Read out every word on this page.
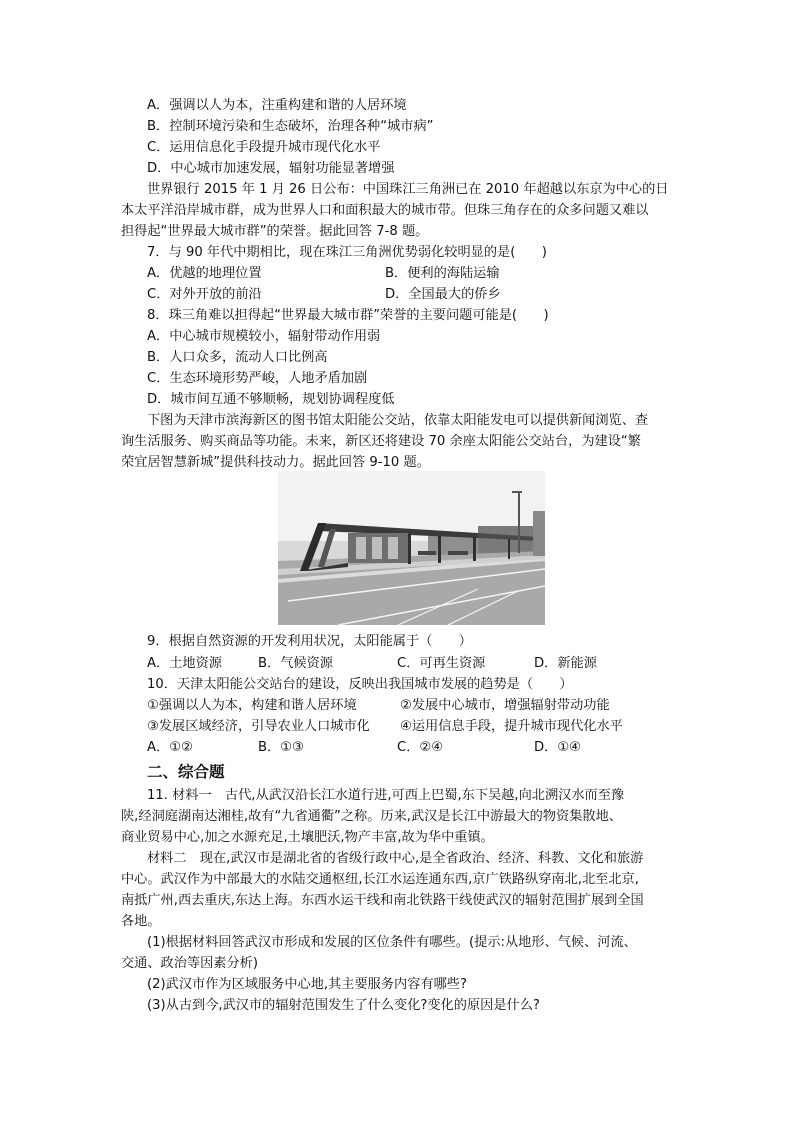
A．强调以人为本，注重构建和谐的人居环境
B．控制环境污染和生态破坏，治理各种“城市病”
C．运用信息化手段提升城市现代化水平
D．中心城市加速发展，辐射功能显著增强
世界银行 2015 年 1 月 26 日公布：中国珠江三角洲已在 2010 年超越以东京为中心的日
本太平洋沿岸城市群，成为世界人口和面积最大的城市带。但珠三角存在的众多问题又难以
担得起“世界最大城市群”的荣誉。据此回答 7-8 题。
7．与 90 年代中期相比，现在珠江三角洲优势弱化较明显的是(　　)
A．优越的地理位置	B．便利的海陆运输
C．对外开放的前沿	D．全国最大的侨乡
8．珠三角难以担得起“世界最大城市群”荣誉的主要问题可能是(　　)
A．中心城市规模较小，辐射带动作用弱
B．人口众多，流动人口比例高
C．生态环境形势严峻，人地矛盾加剧
D．城市间互通不够顺畅，规划协调程度低
下图为天津市滨海新区的图书馆太阳能公交站，依靠太阳能发电可以提供新闻浏览、查
询生活服务、购买商品等功能。未来，新区还将建设 70 余座太阳能公交站台，为建设“繁
荣宜居智慧新城”提供科技动力。据此回答 9-10 题。
9．根据自然资源的开发利用状况，太阳能属于（　　）
A．土地资源	B．气候资源	C．可再生资源	D．新能源
10．天津太阳能公交站台的建设，反映出我国城市发展的趋势是（　　）
①强调以人为本，构建和谐人居环境	②发展中心城市，增强辐射带动功能
③发展区域经济，引导农业人口城市化 ④运用信息手段，提升城市现代化水平
A．①②	B．①③	C．②④	D．①④
二、综合题
11. 材料一　古代,从武汉沿长江水道行进,可西上巴蜀,东下吴越,向北溯汉水而至豫
陕,经洞庭湖南达湘桂,故有“九省通衢”之称。历来,武汉是长江中游最大的物资集散地、
商业贸易中心,加之水源充足,土壤肥沃,物产丰富,故为华中重镇。
材料二　现在,武汉市是湖北省的省级行政中心,是全省政治、经济、科教、文化和旅游
中心。武汉作为中部最大的水陆交通枢纽,长江水运连通东西,京广铁路纵穿南北,北至北京,
南抵广州,西去重庆,东达上海。东西水运干线和南北铁路干线使武汉的辐射范围扩展到全国
各地。
(1)根据材料回答武汉市形成和发展的区位条件有哪些。(提示:从地形、气候、河流、
交通、政治等因素分析)
(2)武汉市作为区域服务中心地,其主要服务内容有哪些?
(3)从古到今,武汉市的辐射范围发生了什么变化?变化的原因是什么?
